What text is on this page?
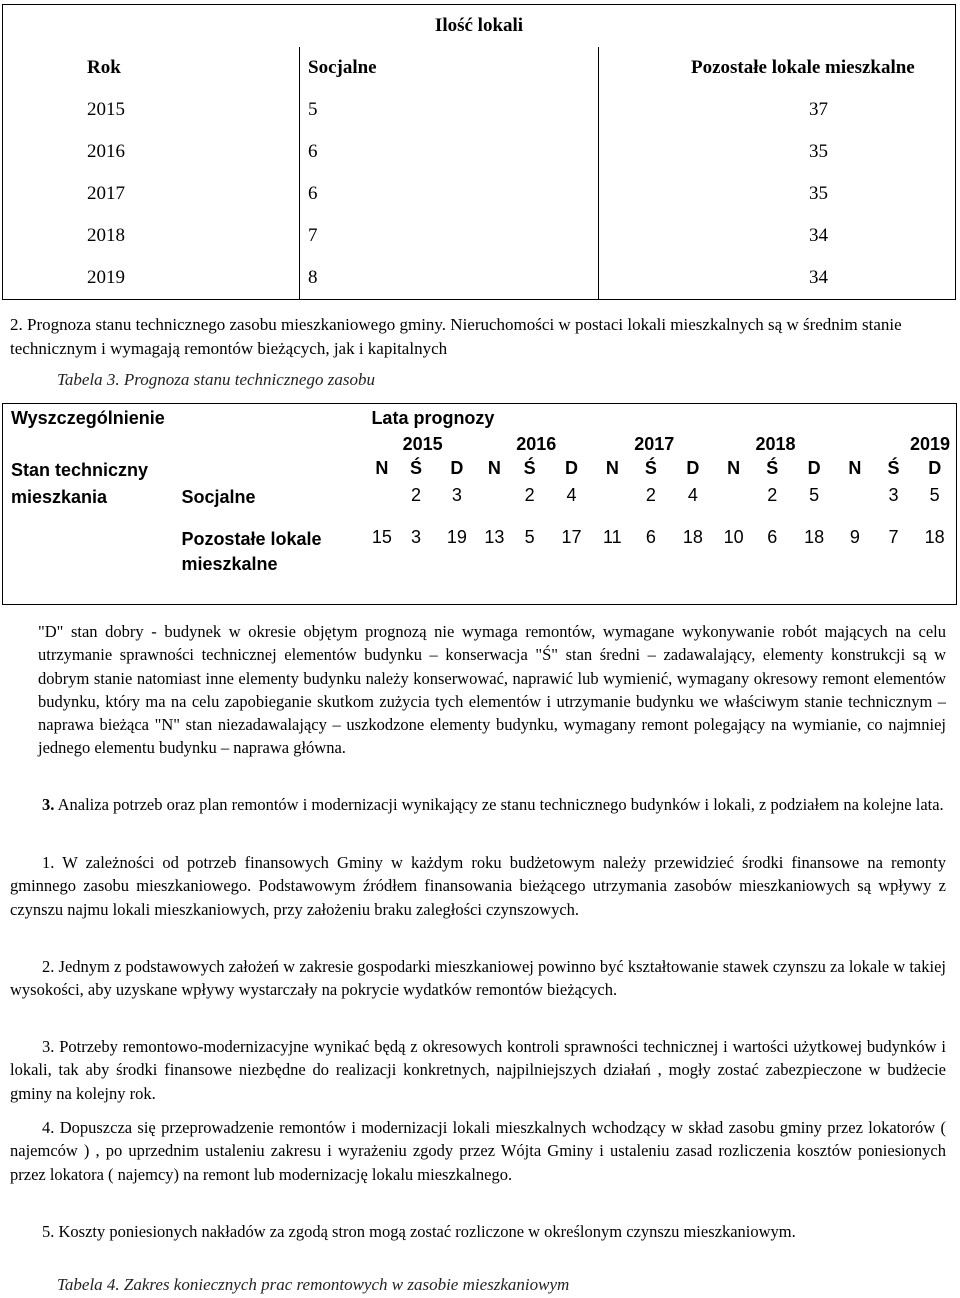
Ilość lokali		
Rok	Socjalne	Pozostałe lokale mieszkalne
2015	5	37
2016	6	35
2017	6	35
2018	7	34
2019	8	34
2. Prognoza stanu technicznego zasobu mieszkaniowego gminy. Nieruchomości w postaci lokali mieszkalnych są w średnim stanie technicznym i wymagają remontów bieżących, jak i kapitalnych
Tabela 3. Prognoza stanu technicznego zasobu
Wyszczególnienie		Lata prognozy														
		2015			2016			2017			2018			2019		
Stan techniczny		N	Ś	D	N	Ś	D	N	Ś	D	N	Ś	D	N	Ś	D
mieszkania	Socjalne		2	3		2	4		2	4		2	5		3	5
	Pozostałe lokale mieszkalne	15	3	19	13	5	17	11	6	18	10	6	18	9	7	18
"D" stan dobry - budynek w okresie objętym prognozą nie wymaga remontów, wymagane wykonywanie robót mających na celu utrzymanie sprawności technicznej elementów budynku – konserwacja "Ś" stan średni – zadawalający, elementy konstrukcji są w dobrym stanie natomiast inne elementy budynku należy konserwować, naprawić lub wymienić, wymagany okresowy remont elementów budynku, który ma na celu zapobieganie skutkom zużycia tych elementów i utrzymanie budynku we właściwym stanie technicznym – naprawa bieżąca "N" stan niezadawalający – uszkodzone elementy budynku, wymagany remont polegający na wymianie, co najmniej jednego elementu budynku – naprawa główna.
3. Analiza potrzeb oraz plan remontów i modernizacji wynikający ze stanu technicznego budynków i lokali, z podziałem na kolejne lata.
1. W zależności od potrzeb finansowych Gminy w każdym roku budżetowym należy przewidzieć środki finansowe na remonty gminnego zasobu mieszkaniowego. Podstawowym źródłem finansowania bieżącego utrzymania zasobów mieszkaniowych są wpływy z czynszu najmu lokali mieszkaniowych, przy założeniu braku zaległości czynszowych.
2. Jednym z podstawowych założeń w zakresie gospodarki mieszkaniowej powinno być kształtowanie stawek czynszu za lokale w takiej wysokości, aby uzyskane wpływy wystarczały na pokrycie wydatków remontów bieżących.
3. Potrzeby remontowo-modernizacyjne wynikać będą z okresowych kontroli sprawności technicznej i wartości użytkowej budynków i lokali, tak aby środki finansowe niezbędne do realizacji konkretnych, najpilniejszych działań , mogły zostać zabezpieczone w budżecie gminy na kolejny rok.
4. Dopuszcza się przeprowadzenie remontów i modernizacji lokali mieszkalnych wchodzący w skład zasobu gminy przez lokatorów ( najemców ) , po uprzednim ustaleniu zakresu i wyrażeniu zgody przez Wójta Gminy i ustaleniu zasad rozliczenia kosztów poniesionych przez lokatora ( najemcy) na remont lub modernizację lokalu mieszkalnego.
5. Koszty poniesionych nakładów za zgodą stron mogą zostać rozliczone w określonym czynszu mieszkaniowym.
Tabela 4. Zakres koniecznych prac remontowych w zasobie mieszkaniowym
